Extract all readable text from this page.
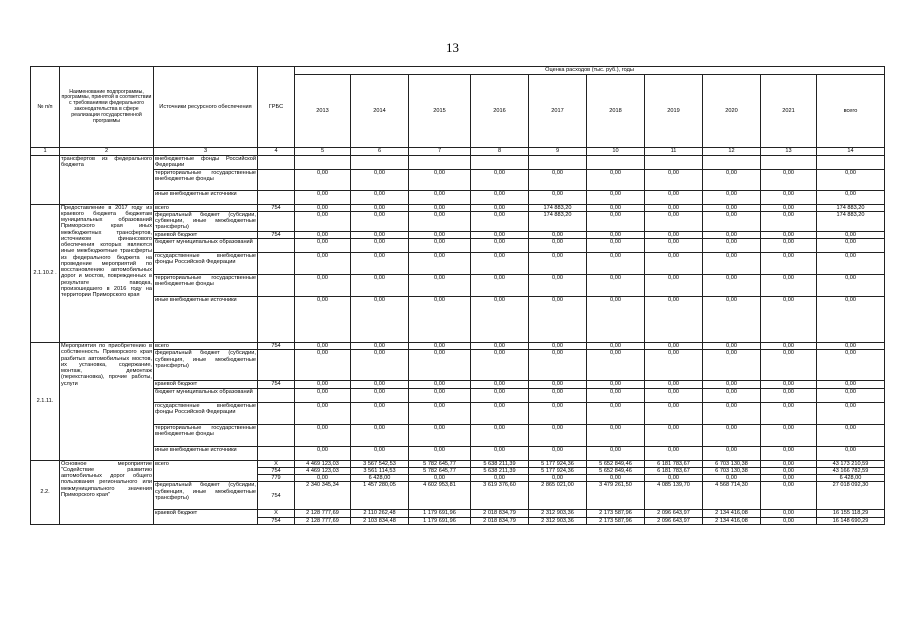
13
№ п/п	Наименование подпрограммы, программы, принятой в соответствии с требованиями федерального законодательства в сфере реализации государственной программы	Источники ресурсного обеспечения	ГРБС	Оценка расходов (тыс. руб.), годы									
				2013	2014	2015	2016	2017	2018	2019	2020	2021	всего
1	2	3	4	5	6	7	8	9	10	11	12	13	14
	трансфертов из федерального бюджета	внебюджетные фонды Российской Федерации											
		территориальные государственные внебюджетные фонды		0,00	0,00	0,00	0,00	0,00	0,00	0,00	0,00	0,00	0,00
		иные внебюджетные источники		0,00	0,00	0,00	0,00	0,00	0,00	0,00	0,00	0,00	0,00
2.1.10.2 .	Предоставление в 2017 году из краевого бюджета бюджетам муниципальных образований Приморского края иных межбюджетных трансфертов, источником финансового обеспечения которых являются иные межбюджетные трансферты из федерального бюджета на проведение мероприятий по восстановлению автомобильных дорог и мостов, поврежденных в результате паводка, произошедшего в 2016 году на территории Приморского края	всего	754	0,00	0,00	0,00	0,00	174 883,20	0,00	0,00	0,00	0,00	174 883,20
		федеральный бюджет (субсидии, субвенции, иные межбюджетные трансферты)		0,00	0,00	0,00	0,00	174 883,20	0,00	0,00	0,00	0,00	174 883,20
		краевой бюджет	754	0,00	0,00	0,00	0,00	0,00	0,00	0,00	0,00	0,00	0,00
		бюджет муниципальных образований		0,00	0,00	0,00	0,00	0,00	0,00	0,00	0,00	0,00	0,00
		государственные внебюджетные фонды Российской Федерации		0,00	0,00	0,00	0,00	0,00	0,00	0,00	0,00	0,00	0,00
		территориальные государственные внебюджетные фонды		0,00	0,00	0,00	0,00	0,00	0,00	0,00	0,00	0,00	0,00
		иные внебюджетные источники		0,00	0,00	0,00	0,00	0,00	0,00	0,00	0,00	0,00	0,00
2.1.11.	Мероприятия по приобретению в собственность Приморского края разбитых автомобильных мостов, их установка, содержание, монтаж, демонтаж (перекстановка), прочие работы, услуги	всего	754	0,00	0,00	0,00	0,00	0,00	0,00	0,00	0,00	0,00	0,00
		федеральный бюджет (субсидии, субвенция, иные межбюджетные трансферты)		0,00	0,00	0,00	0,00	0,00	0,00	0,00	0,00	0,00	0,00
		краевой бюджет	754	0,00	0,00	0,00	0,00	0,00	0,00	0,00	0,00	0,00	0,00
		бюджет муниципальных образований		0,00	0,00	0,00	0,00	0,00	0,00	0,00	0,00	0,00	0,00
		государственные внебюджетные фонды Российской Федерации		0,00	0,00	0,00	0,00	0,00	0,00	0,00	0,00	0,00	0,00
		территориальные государственные внебюджетные фонды		0,00	0,00	0,00	0,00	0,00	0,00	0,00	0,00	0,00	0,00
		иные внебюджетные источники		0,00	0,00	0,00	0,00	0,00	0,00	0,00	0,00	0,00	0,00
2.2.	Основное мероприятие "Содействие развитию автомобильных дорог общего пользования регионального или межмуниципального значения Приморского края"	всего	X	4 469 123,03	3 567 542,53	5 782 645,77	5 638 211,39	5 177 924,36	5 652 849,46	6 181 783,67	6 703 130,38	0,00	43 173 210,59
			754	4 469 123,03	3 561 114,53	5 782 645,77	5 638 211,39	5 177 924,36	5 652 849,46	6 181 783,67	6 703 130,38	0,00	43 166 782,59
			779	0,00	6 428,00	0,00	0,00	0,00	0,00	0,00	0,00	0,00	6 428,00
		федеральный бюджет (субсидии, субвенция, иные межбюджетные трансферты)	754	2 340 345,34	1 457 280,05	4 602 953,81	3 619 376,60	2 865 021,00	3 479 261,50	4 085 139,70	4 568 714,30	0,00	27 018 092,30
		краевой бюджет	X	2 128 777,69	2 110 262,48	1 179 691,96	2 018 834,79	2 312 903,36	2 173 587,96	2 096 643,97	2 134 416,08	0,00	16 155 118,29
			754	2 128 777,69	2 103 834,48	1 179 691,96	2 018 834,79	2 312 903,36	2 173 587,96	2 096 643,97	2 134 416,08	0,00	16 148 690,29
